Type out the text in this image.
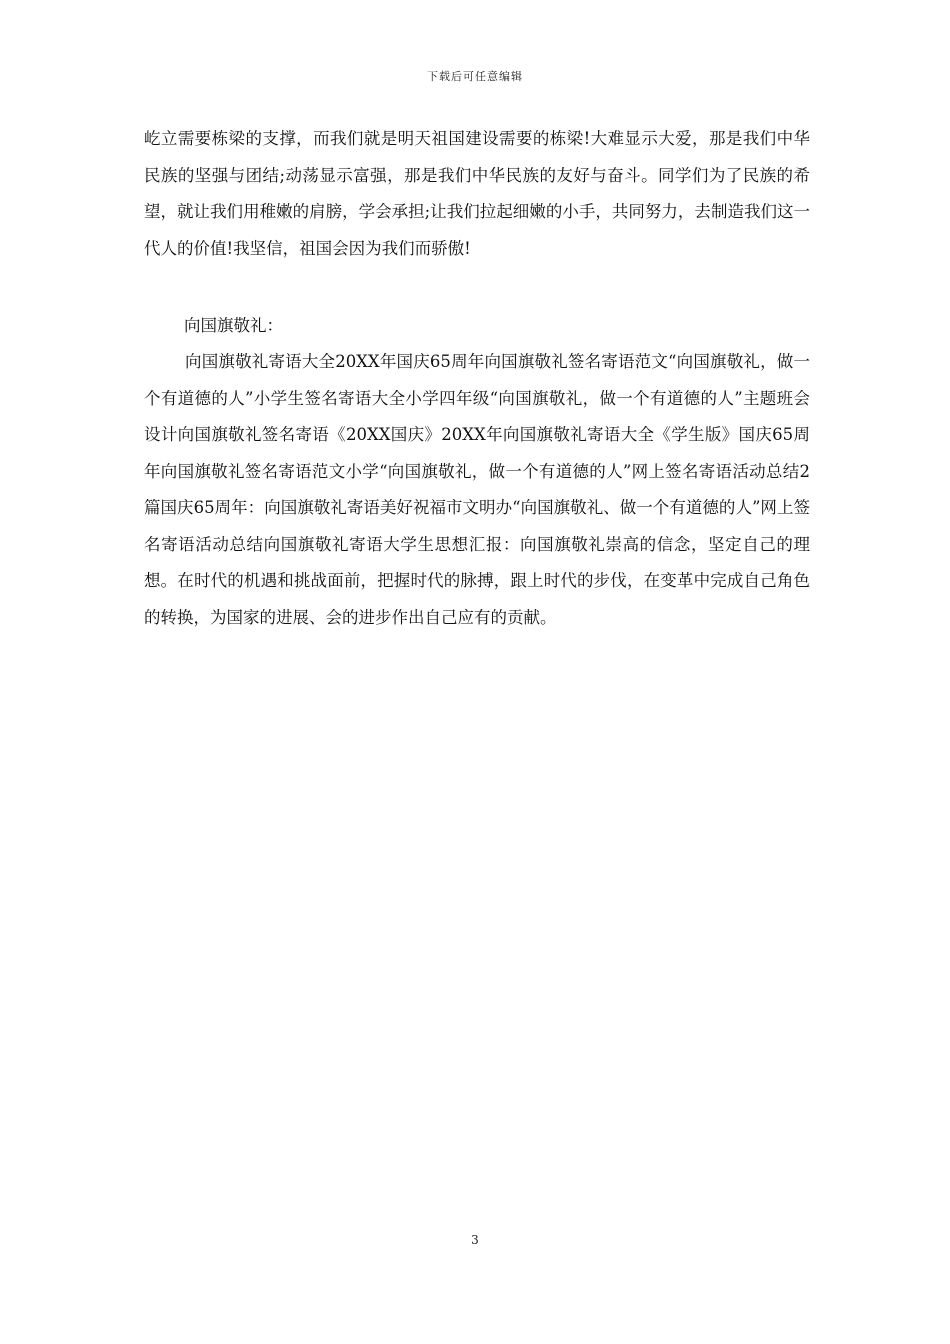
下载后可任意编辑
屹立需要栋梁的支撑，而我们就是明天祖国建设需要的栋梁!大难显示大爱，那是我们中华民族的坚强与团结;动荡显示富强，那是我们中华民族的友好与奋斗。同学们为了民族的希望，就让我们用稚嫩的肩膀，学会承担;让我们拉起细嫩的小手，共同努力，去制造我们这一代人的价值!我坚信，祖国会因为我们而骄傲!
向国旗敬礼：
向国旗敬礼寄语大全20XX年国庆65周年向国旗敬礼签名寄语范文“向国旗敬礼，做一个有道德的人”小学生签名寄语大全小学四年级“向国旗敬礼，做一个有道德的人”主题班会设计向国旗敬礼签名寄语《20XX国庆》20XX年向国旗敬礼寄语大全《学生版》国庆65周年向国旗敬礼签名寄语范文小学“向国旗敬礼，做一个有道德的人”网上签名寄语活动总结2篇国庆65周年：向国旗敬礼寄语美好祝福市文明办“向国旗敬礼、做一个有道德的人”网上签名寄语活动总结向国旗敬礼寄语大学生思想汇报：向国旗敬礼崇高的信念，坚定自己的理想。在时代的机遇和挑战面前，把握时代的脉搏，跟上时代的步伐，在变革中完成自己角色的转换，为国家的进展、会的进步作出自己应有的贡献。
3
